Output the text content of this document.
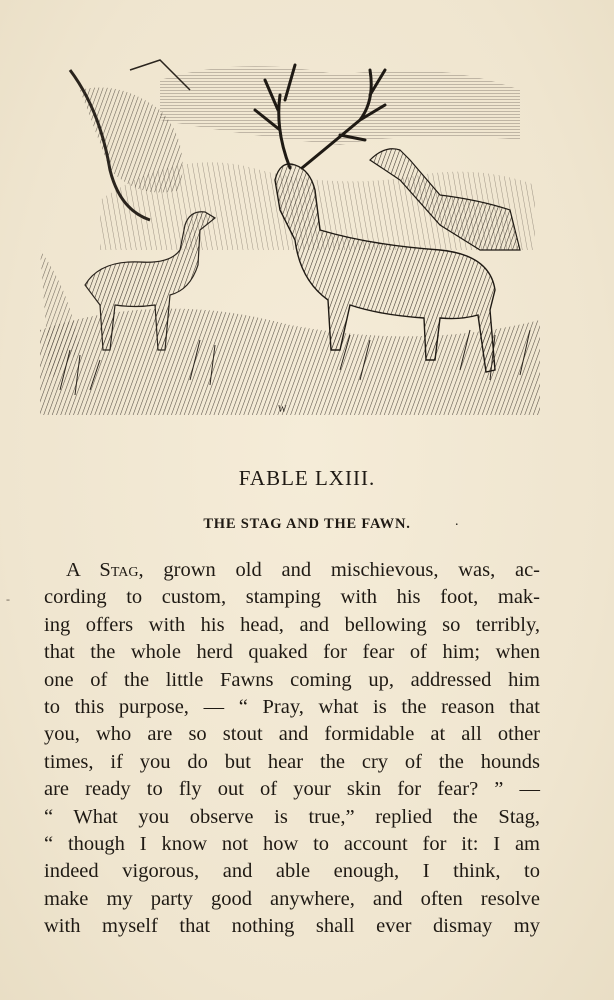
W
FABLE LXIII.
THE STAG AND THE FAWN.	.
-
A Stag, grown old and mischievous, was, ac-
cording to custom, stamping with his foot, mak-
ing offers with his head, and bellowing so terribly,
that the whole herd quaked for fear of him; when
one of the little Fawns coming up, addressed him
to this purpose, — “ Pray, what is the reason that
you, who are so stout and formidable at all other
times, if you do but hear the cry of the hounds
are ready to fly out of your skin for fear? ” —
“ What you observe is true,” replied the Stag,
“ though I know not how to account for it: I am
indeed vigorous, and able enough, I think, to
make my party good anywhere, and often resolve
with myself that nothing shall ever dismay my
